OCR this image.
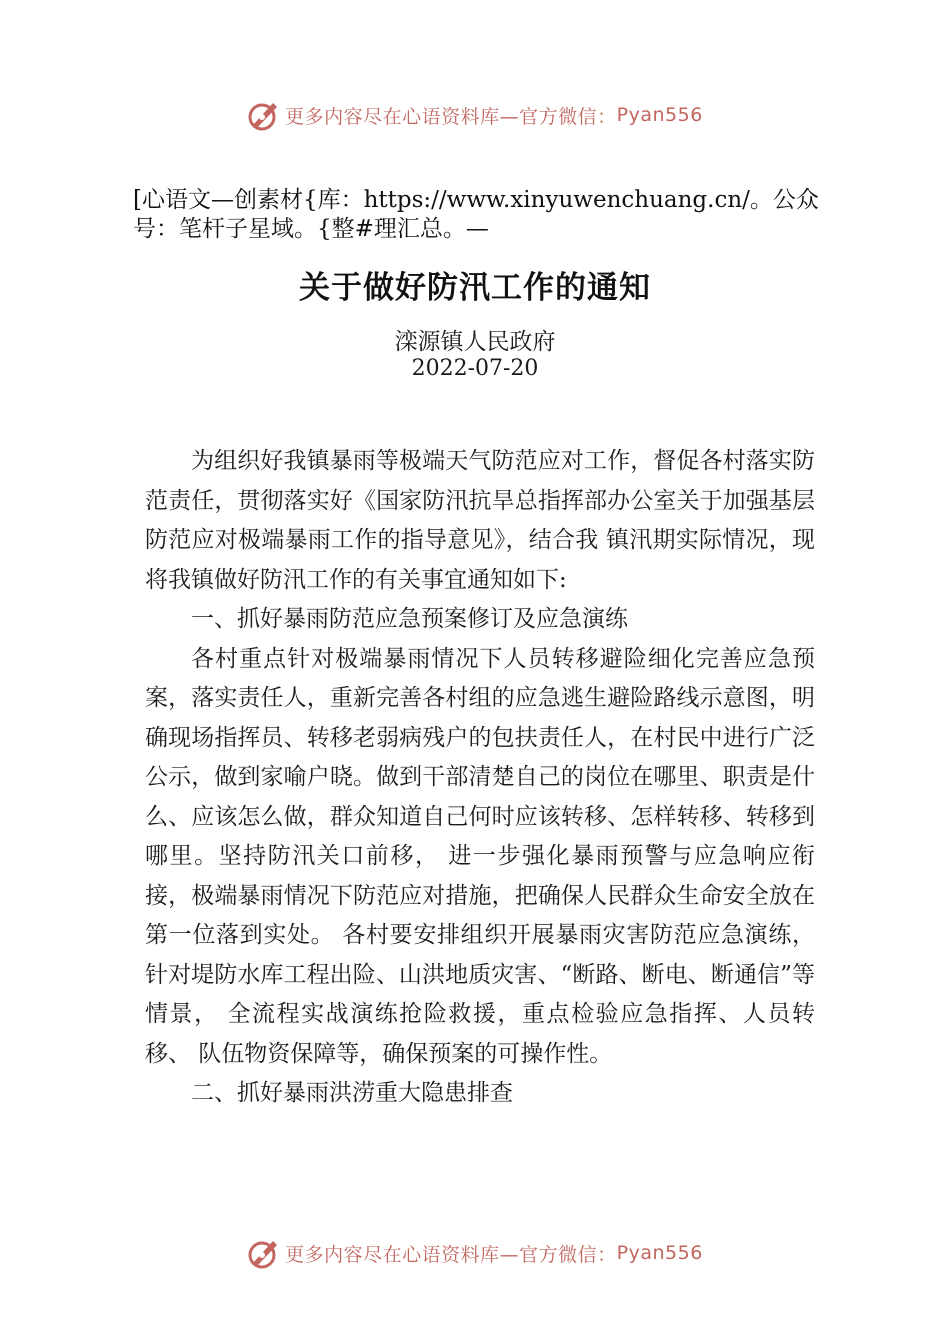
更多内容尽在心语资料库—官方微信： Pyan556
[心语文—创素材{库：https://www.xinyuwenchuang.cn/。公众号：笔杆子星域。{整#理汇总。—
关于做好防汛工作的通知
滦源镇人民政府
2022-07-20

为组织好我镇暴雨等极端天气防范应对工作，督促各村落实防范责任，贯彻落实好《国家防汛抗旱总指挥部办公室关于加强基层防范应对极端暴雨工作的指导意见》，结合我 镇汛期实际情况，现将我镇做好防汛工作的有关事宜通知如下:

一、抓好暴雨防范应急预案修订及应急演练

各村重点针对极端暴雨情况下人员转移避险细化完善应急预案，落实责任人，重新完善各村组的应急逃生避险路线示意图，明确现场指挥员、转移老弱病残户的包扶责任人，在村民中进行广泛公示，做到家喻户晓。做到干部清楚自己的岗位在哪里、职责是什么、应该怎么做，群众知道自己何时应该转移、怎样转移、转移到哪里。坚持防汛关口前移， 进一步强化暴雨预警与应急响应衔接，极端暴雨情况下防范应对措施，把确保人民群众生命安全放在第一位落到实处。 各村要安排组织开展暴雨灾害防范应急演练，针对堤防水库工程出险、山洪地质灾害、“断路、断电、断通信”等情景， 全流程实战演练抢险救援，重点检验应急指挥、人员转移、 队伍物资保障等，确保预案的可操作性。

二、抓好暴雨洪涝重大隐患排查

更多内容尽在心语资料库—官方微信： Pyan556
